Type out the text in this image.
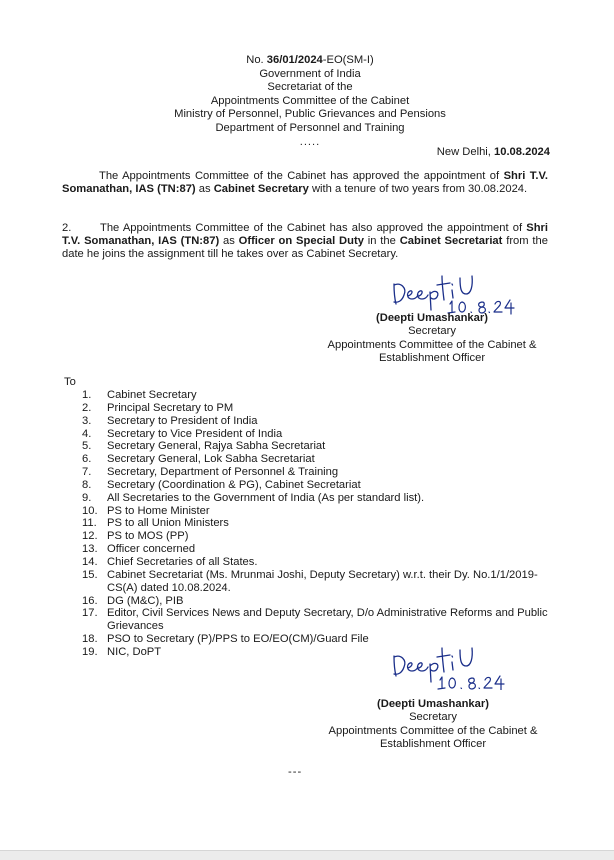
No. 36/01/2024-EO(SM-I)
Government of India
Secretariat of the
Appointments Committee of the Cabinet
Ministry of Personnel, Public Grievances and Pensions
Department of Personnel and Training
.....
New Delhi, 10.08.2024
The Appointments Committee of the Cabinet has approved the appointment of Shri T.V. Somanathan, IAS (TN:87) as Cabinet Secretary with a tenure of two years from 30.08.2024.
2.	The Appointments Committee of the Cabinet has also approved the appointment of Shri T.V. Somanathan, IAS (TN:87) as Officer on Special Duty in the Cabinet Secretariat from the date he joins the assignment till he takes over as Cabinet Secretary.
(Deepti Umashankar)
Secretary
Appointments Committee of the Cabinet &
Establishment Officer
To
1. Cabinet Secretary
2. Principal Secretary to PM
3. Secretary to President of India
4. Secretary to Vice President of India
5. Secretary General, Rajya Sabha Secretariat
6. Secretary General, Lok Sabha Secretariat
7. Secretary, Department of Personnel & Training
8. Secretary (Coordination & PG), Cabinet Secretariat
9. All Secretaries to the Government of India (As per standard list).
10. PS to Home Minister
11. PS to all Union Ministers
12. PS to MOS (PP)
13. Officer concerned
14. Chief Secretaries of all States.
15. Cabinet Secretariat (Ms. Mrunmai Joshi, Deputy Secretary) w.r.t. their Dy. No.1/1/2019-CS(A) dated 10.08.2024.
16. DG (M&C), PIB
17. Editor, Civil Services News and Deputy Secretary, D/o Administrative Reforms and Public Grievances
18. PSO to Secretary (P)/PPS to EO/EO(CM)/Guard File
19. NIC, DoPT
(Deepti Umashankar)
Secretary
Appointments Committee of the Cabinet &
Establishment Officer
---
